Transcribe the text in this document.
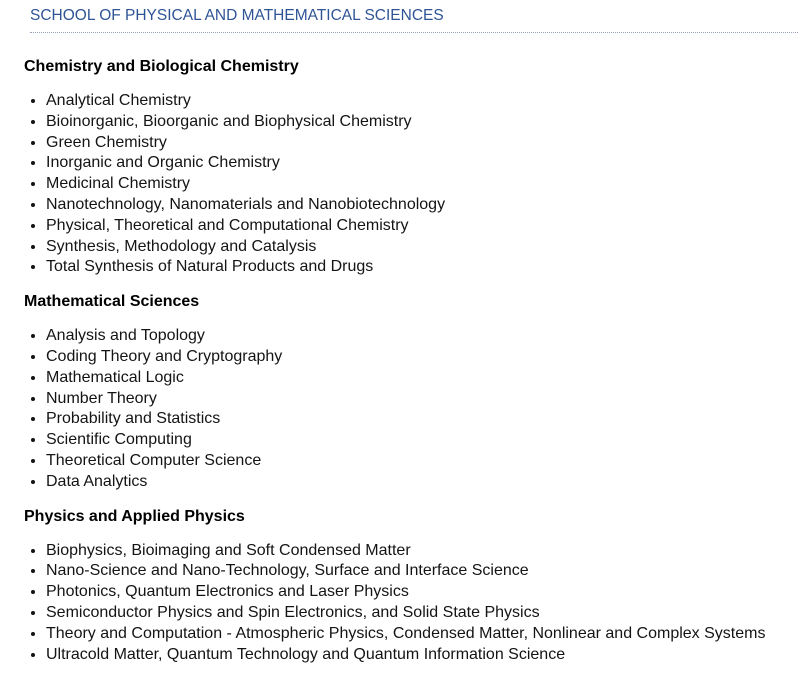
SCHOOL OF PHYSICAL AND MATHEMATICAL SCIENCES
Chemistry and Biological Chemistry
• Analytical Chemistry
• Bioinorganic, Bioorganic and Biophysical Chemistry
• Green Chemistry
• Inorganic and Organic Chemistry
• Medicinal Chemistry
• Nanotechnology, Nanomaterials and Nanobiotechnology
• Physical, Theoretical and Computational Chemistry
• Synthesis, Methodology and Catalysis
• Total Synthesis of Natural Products and Drugs
Mathematical Sciences
• Analysis and Topology
• Coding Theory and Cryptography
• Mathematical Logic
• Number Theory
• Probability and Statistics
• Scientific Computing
• Theoretical Computer Science
• Data Analytics
Physics and Applied Physics
• Biophysics, Bioimaging and Soft Condensed Matter
• Nano-Science and Nano-Technology, Surface and Interface Science
• Photonics, Quantum Electronics and Laser Physics
• Semiconductor Physics and Spin Electronics, and Solid State Physics
• Theory and Computation - Atmospheric Physics, Condensed Matter, Nonlinear and Complex Systems
• Ultracold Matter, Quantum Technology and Quantum Information Science
